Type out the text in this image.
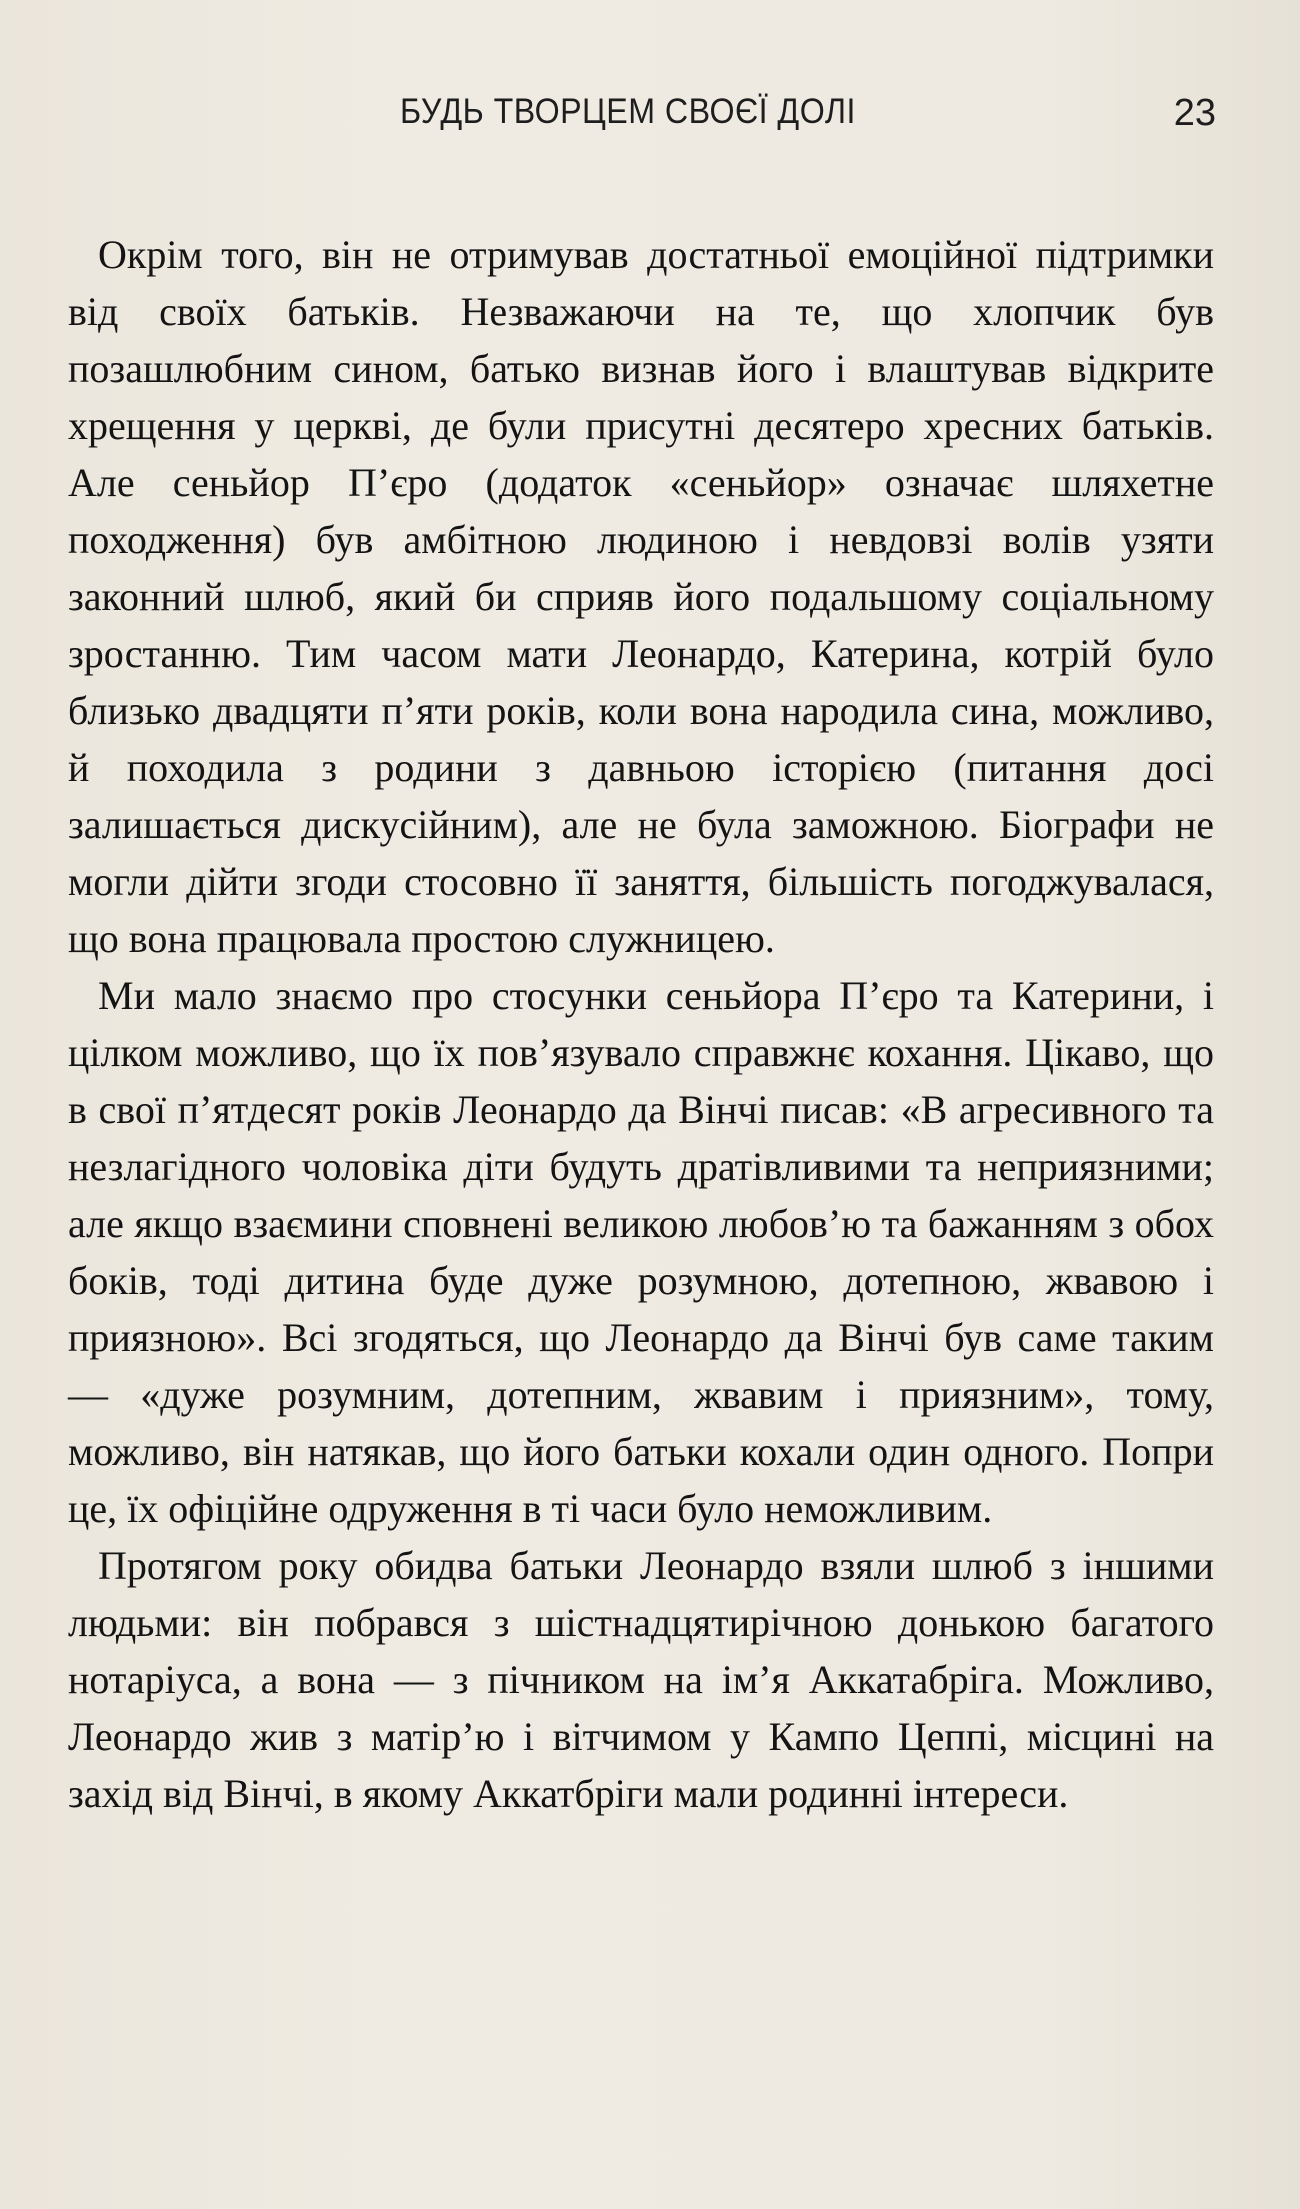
БУДЬ ТВОРЦЕМ СВОЄЇ ДОЛІ	23

Окрім того, він не отримував достатньої емоційної підтримки від своїх батьків. Незважаючи на те, що хлопчик був позашлюбним сином, батько визнав його і влаштував відкрите хрещення у церкві, де були присутні десятеро хресних батьків. Але сеньйор П’єро (додаток «сеньйор» означає шляхетне походження) був амбітною людиною і невдовзі волів узяти законний шлюб, який би сприяв його подальшому соціальному зростанню. Тим часом мати Леонардо, Катерина, котрій було близько двадцяти п’яти років, коли вона народила сина, можливо, й походила з родини з давньою історією (питання досі залишається дискусійним), але не була заможною. Біографи не могли дійти згоди стосовно її заняття, більшість погоджувалася, що вона працювала простою служницею.

Ми мало знаємо про стосунки сеньйора П’єро та Катерини, і цілком можливо, що їх пов’язувало справжнє кохання. Цікаво, що в свої п’ятдесят років Леонардо да Вінчі писав: «В агресивного та незлагідного чоловіка діти будуть дратівливими та неприязними; але якщо взаємини сповнені великою любов’ю та бажанням з обох боків, тоді дитина буде дуже розумною, дотепною, жвавою і приязною». Всі згодяться, що Леонардо да Вінчі був саме таким — «дуже розумним, дотепним, жвавим і приязним», тому, можливо, він натякав, що його батьки кохали один одного. Попри це, їх офіційне одруження в ті часи було неможливим.

Протягом року обидва батьки Леонардо взяли шлюб з іншими людьми: він побрався з шістнадцятирічною донькою багатого нотаріуса, а вона — з пічником на ім’я Аккатабріга. Можливо, Леонардо жив з матір’ю і вітчимом у Кампо Цеппі, місцині на захід від Вінчі, в якому Аккатбріги мали родинні інтереси.
